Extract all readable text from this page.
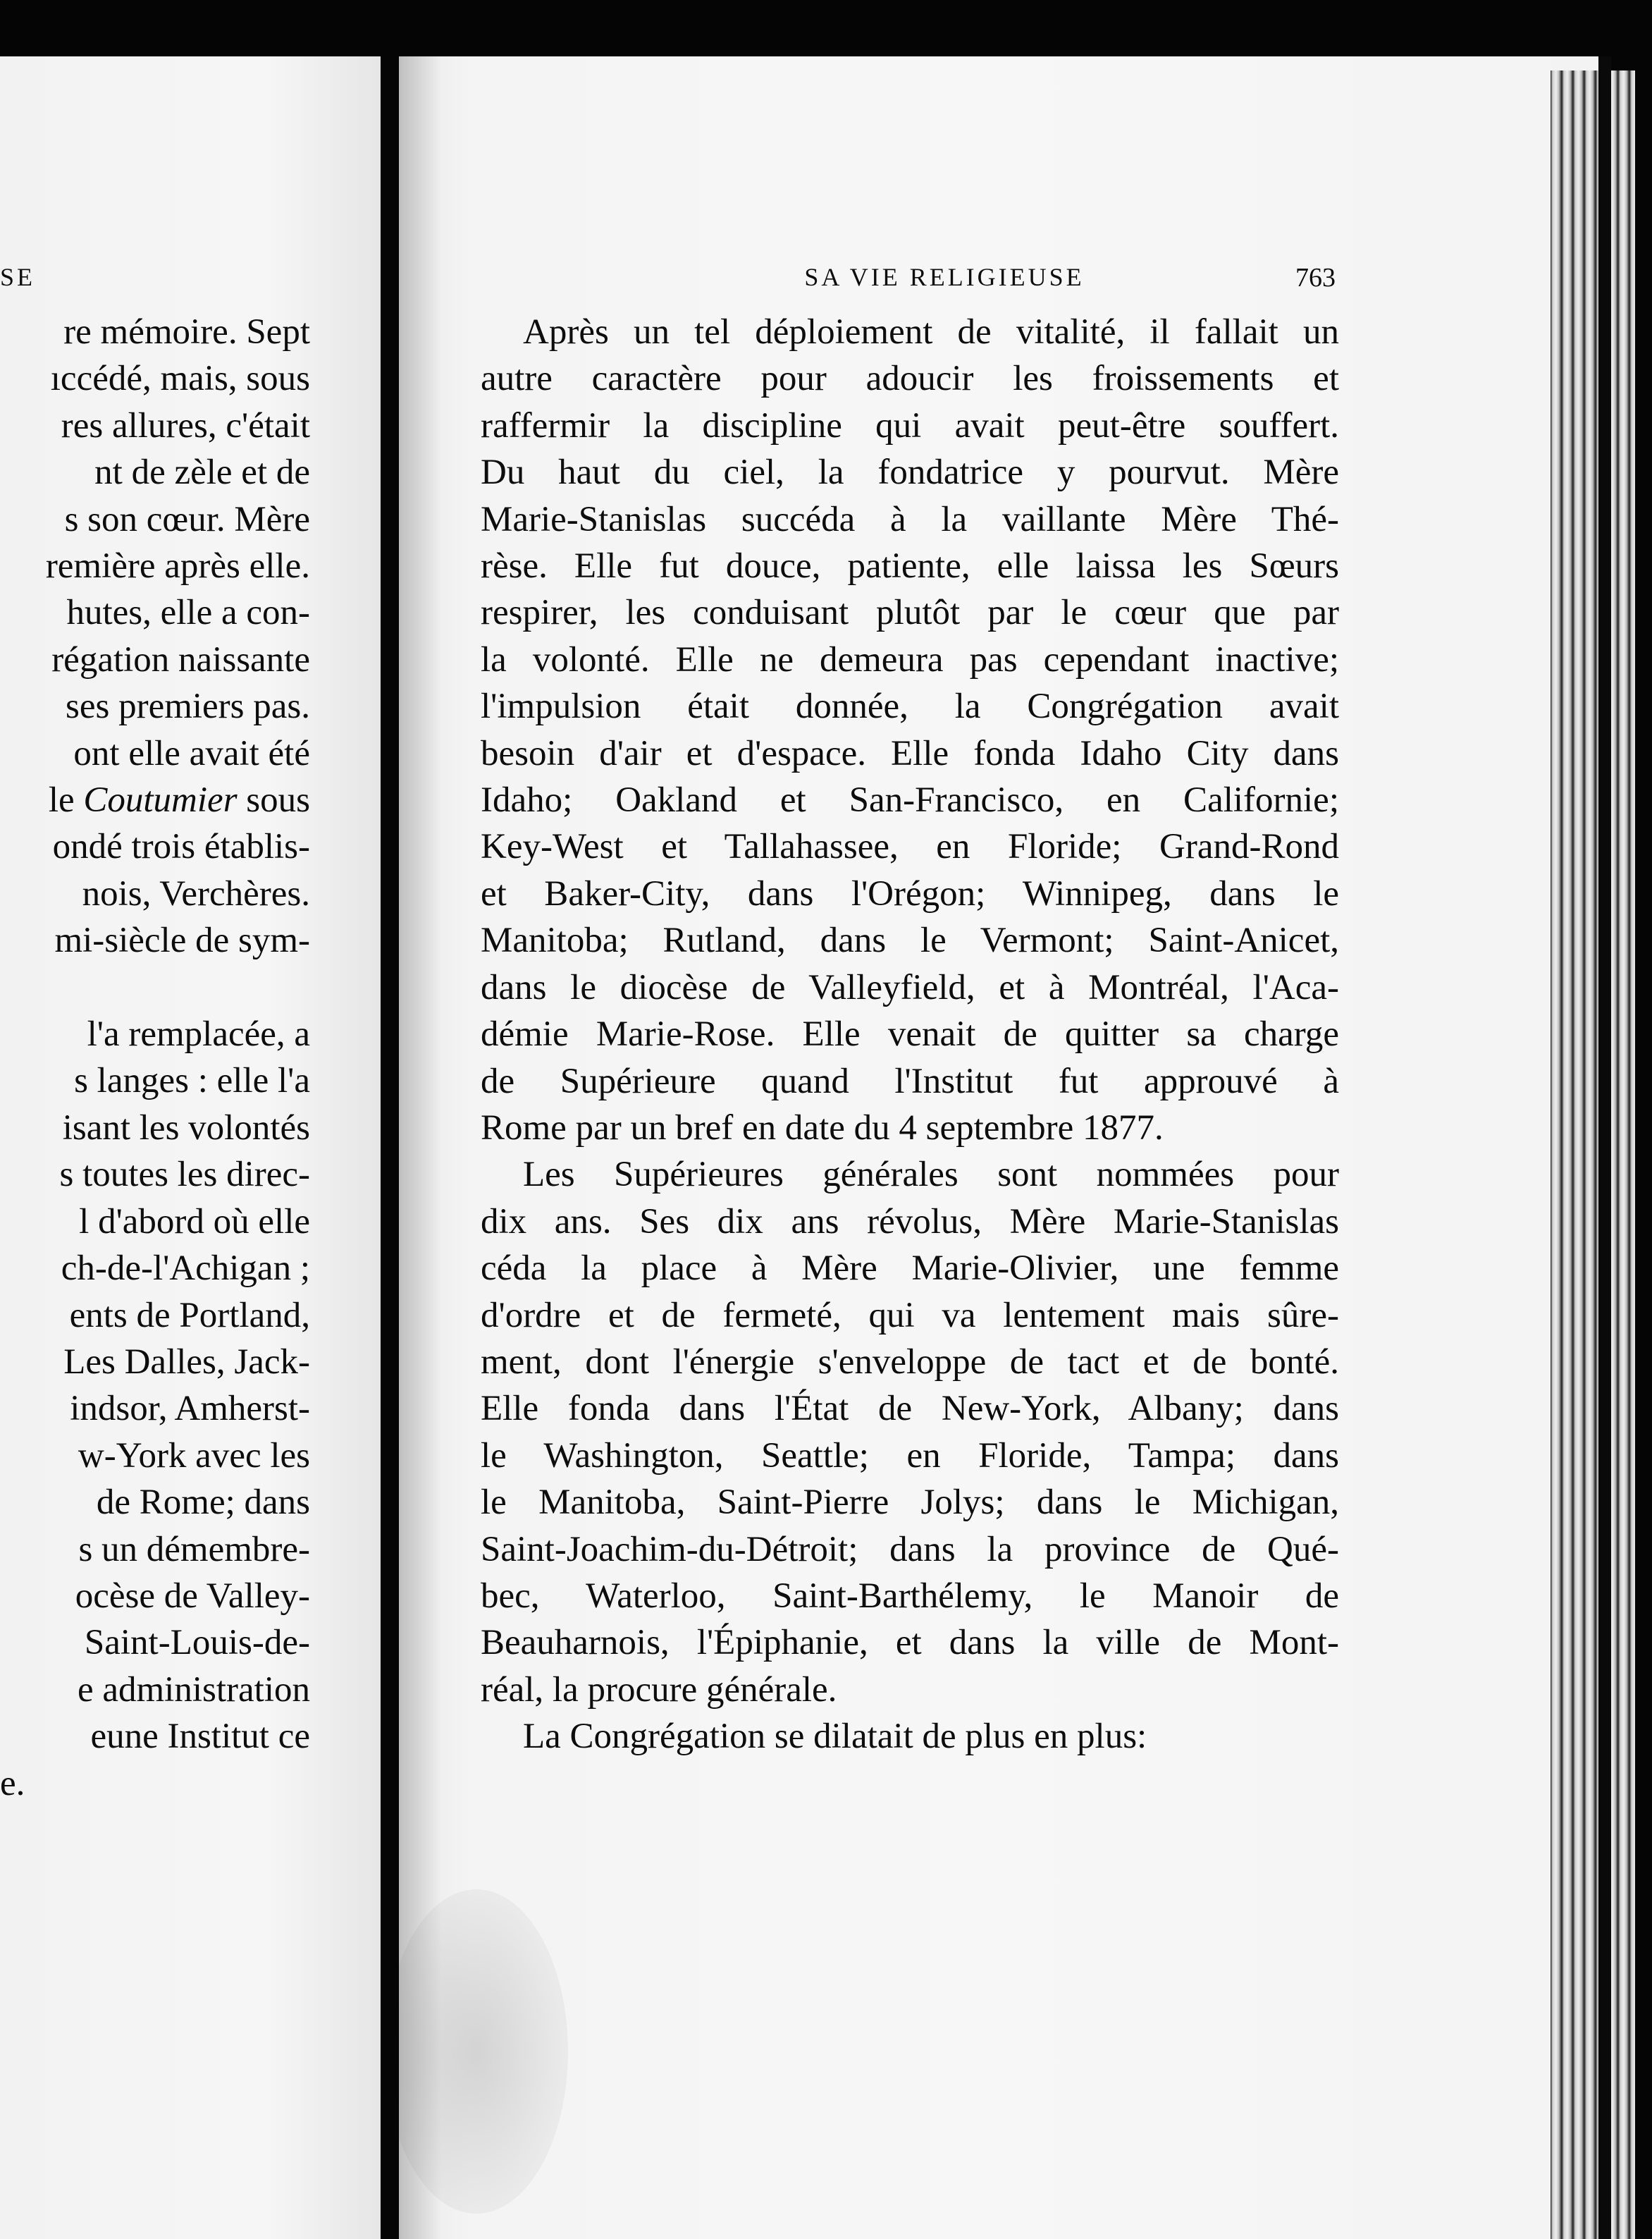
SE
re mémoire. Sept
ıccédé, mais, sous
res allures, c'était
nt de zèle et de
s son cœur. Mère
remière après elle.
hutes, elle a con-
régation naissante
ses premiers pas.
ont elle avait été
le Coutumier sous
ondé trois établis-
nois, Verchères.
mi-siècle de sym-
l'a remplacée, a
s langes : elle l'a
isant les volontés
s toutes les direc-
l d'abord où elle
ch-de-l'Achigan ;
ents de Portland,
Les Dalles, Jack-
indsor, Amherst-
w-York avec les
de Rome; dans
s un démembre-
ocèse de Valley-
Saint-Louis-de-
e administration
eune Institut ce
e.
SA VIE RELIGIEUSE	763

Après un tel déploiement de vitalité, il fallait un
autre caractère pour adoucir les froissements et
raffermir la discipline qui avait peut-être souffert.
Du haut du ciel, la fondatrice y pourvut. Mère
Marie-Stanislas succéda à la vaillante Mère Thé-
rèse. Elle fut douce, patiente, elle laissa les Sœurs
respirer, les conduisant plutôt par le cœur que par
la volonté. Elle ne demeura pas cependant inactive;
l'impulsion était donnée, la Congrégation avait
besoin d'air et d'espace. Elle fonda Idaho City dans
Idaho; Oakland et San-Francisco, en Californie;
Key-West et Tallahassee, en Floride; Grand-Rond
et Baker-City, dans l'Orégon; Winnipeg, dans le
Manitoba; Rutland, dans le Vermont; Saint-Anicet,
dans le diocèse de Valleyfield, et à Montréal, l'Aca-
démie Marie-Rose. Elle venait de quitter sa charge
de Supérieure quand l'Institut fut approuvé à
Rome par un bref en date du 4 septembre 1877.

Les Supérieures générales sont nommées pour
dix ans. Ses dix ans révolus, Mère Marie-Stanislas
céda la place à Mère Marie-Olivier, une femme
d'ordre et de fermeté, qui va lentement mais sûre-
ment, dont l'énergie s'enveloppe de tact et de bonté.
Elle fonda dans l'État de New-York, Albany; dans
le Washington, Seattle; en Floride, Tampa; dans
le Manitoba, Saint-Pierre Jolys; dans le Michigan,
Saint-Joachim-du-Détroit; dans la province de Qué-
bec, Waterloo, Saint-Barthélemy, le Manoir de
Beauharnois, l'Épiphanie, et dans la ville de Mont-
réal, la procure générale.

La Congrégation se dilatait de plus en plus:
